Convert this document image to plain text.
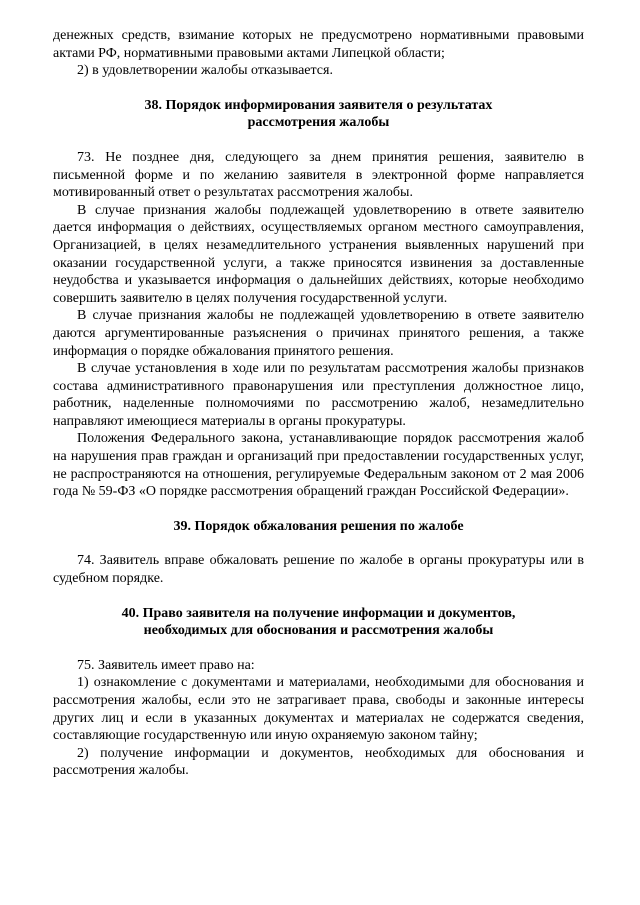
денежных средств, взимание которых не предусмотрено нормативными правовыми актами РФ, нормативными правовыми актами Липецкой области;

2) в удовлетворении жалобы отказывается.

38. Порядок информирования заявителя о результатах
рассмотрения жалобы

73. Не позднее дня, следующего за днем принятия решения, заявителю в письменной форме и по желанию заявителя в электронной форме направляется мотивированный ответ о результатах рассмотрения жалобы.

В случае признания жалобы подлежащей удовлетворению в ответе заявителю дается информация о действиях, осуществляемых органом местного самоуправления, Организацией, в целях незамедлительного устранения выявленных нарушений при оказании государственной услуги, а также приносятся извинения за доставленные неудобства и указывается информация о дальнейших действиях, которые необходимо совершить заявителю в целях получения государственной услуги.

В случае признания жалобы не подлежащей удовлетворению в ответе заявителю даются аргументированные разъяснения о причинах принятого решения, а также информация о порядке обжалования принятого решения.

В случае установления в ходе или по результатам рассмотрения жалобы признаков состава административного правонарушения или преступления должностное лицо, работник, наделенные полномочиями по рассмотрению жалоб, незамедлительно направляют имеющиеся материалы в органы прокуратуры.

Положения Федерального закона, устанавливающие порядок рассмотрения жалоб на нарушения прав граждан и организаций при предоставлении государственных услуг, не распространяются на отношения, регулируемые Федеральным законом от 2 мая 2006 года № 59-ФЗ «О порядке рассмотрения обращений граждан Российской Федерации».

39. Порядок обжалования решения по жалобе

74. Заявитель вправе обжаловать решение по жалобе в органы прокуратуры или в судебном порядке.

40. Право заявителя на получение информации и документов,
необходимых для обоснования и рассмотрения жалобы

75. Заявитель имеет право на:

1) ознакомление с документами и материалами, необходимыми для обоснования и рассмотрения жалобы, если это не затрагивает права, свободы и законные интересы других лиц и если в указанных документах и материалах не содержатся сведения, составляющие государственную или иную охраняемую законом тайну;

2) получение информации и документов, необходимых для обоснования и рассмотрения жалобы.
